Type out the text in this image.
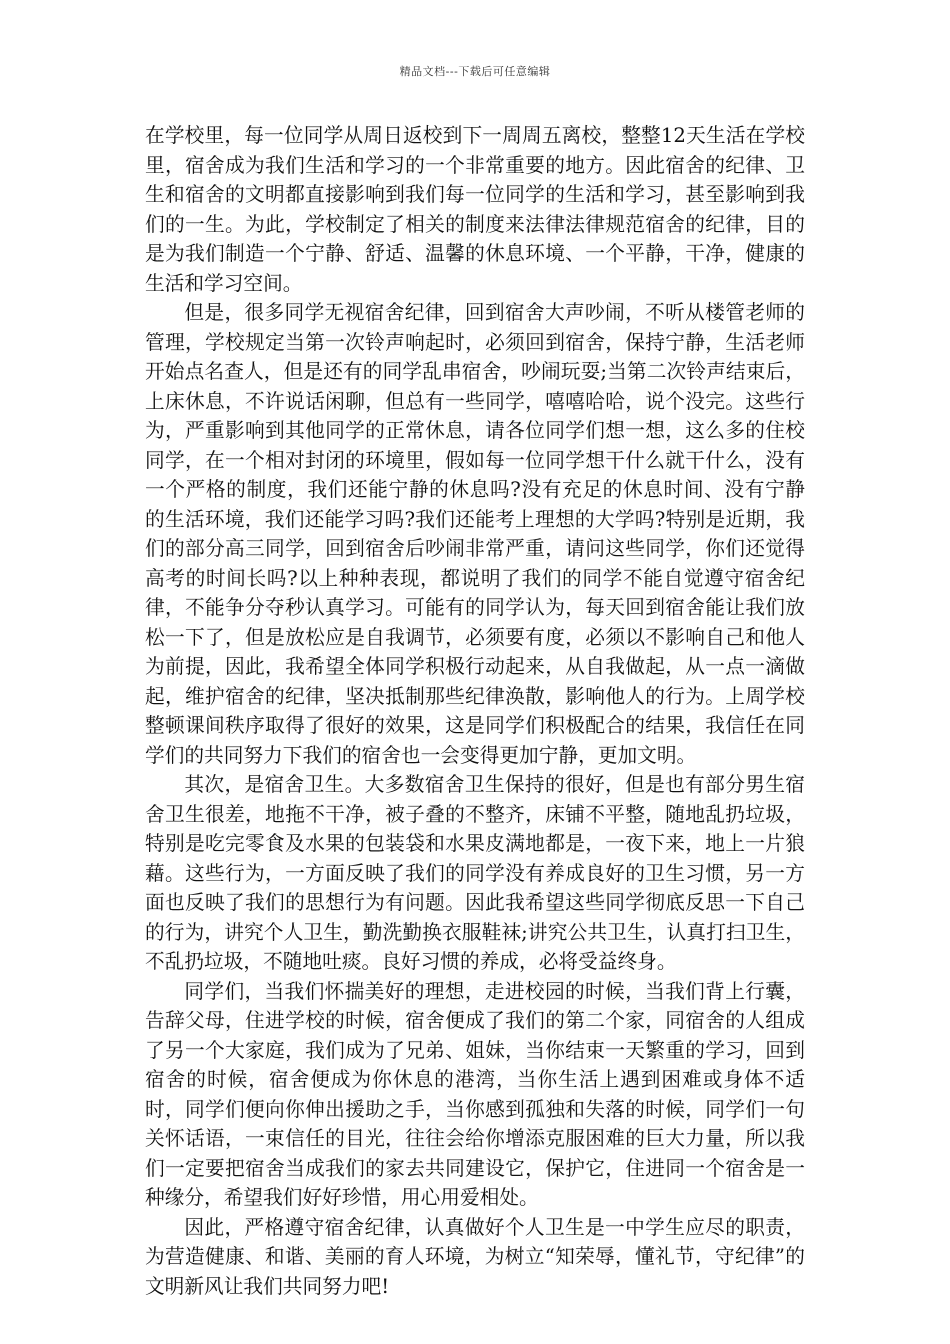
精品文档---下载后可任意编辑

在学校里，每一位同学从周日返校到下一周周五离校，整整12天生活在学校里，宿舍成为我们生活和学习的一个非常重要的地方。因此宿舍的纪律、卫生和宿舍的文明都直接影响到我们每一位同学的生活和学习，甚至影响到我们的一生。为此，学校制定了相关的制度来法律法律规范宿舍的纪律，目的是为我们制造一个宁静、舒适、温馨的休息环境、一个平静，干净，健康的生活和学习空间。

但是，很多同学无视宿舍纪律，回到宿舍大声吵闹，不听从楼管老师的管理，学校规定当第一次铃声响起时，必须回到宿舍，保持宁静，生活老师开始点名查人，但是还有的同学乱串宿舍，吵闹玩耍;当第二次铃声结束后，上床休息，不许说话闲聊，但总有一些同学，嘻嘻哈哈，说个没完。这些行为，严重影响到其他同学的正常休息，请各位同学们想一想，这么多的住校同学，在一个相对封闭的环境里，假如每一位同学想干什么就干什么，没有一个严格的制度，我们还能宁静的休息吗?没有充足的休息时间、没有宁静的生活环境，我们还能学习吗?我们还能考上理想的大学吗?特别是近期，我们的部分高三同学，回到宿舍后吵闹非常严重，请问这些同学，你们还觉得高考的时间长吗?以上种种表现，都说明了我们的同学不能自觉遵守宿舍纪律，不能争分夺秒认真学习。可能有的同学认为，每天回到宿舍能让我们放松一下了，但是放松应是自我调节，必须要有度，必须以不影响自己和他人为前提，因此，我希望全体同学积极行动起来，从自我做起，从一点一滴做起，维护宿舍的纪律，坚决抵制那些纪律涣散，影响他人的行为。上周学校整顿课间秩序取得了很好的效果，这是同学们积极配合的结果，我信任在同学们的共同努力下我们的宿舍也一会变得更加宁静，更加文明。

其次，是宿舍卫生。大多数宿舍卫生保持的很好，但是也有部分男生宿舍卫生很差，地拖不干净，被子叠的不整齐，床铺不平整，随地乱扔垃圾，特别是吃完零食及水果的包装袋和水果皮满地都是，一夜下来，地上一片狼藉。这些行为，一方面反映了我们的同学没有养成良好的卫生习惯，另一方面也反映了我们的思想行为有问题。因此我希望这些同学彻底反思一下自己的行为，讲究个人卫生，勤洗勤换衣服鞋袜;讲究公共卫生，认真打扫卫生，不乱扔垃圾，不随地吐痰。良好习惯的养成，必将受益终身。

同学们，当我们怀揣美好的理想，走进校园的时候，当我们背上行囊，告辞父母，住进学校的时候，宿舍便成了我们的第二个家，同宿舍的人组成了另一个大家庭，我们成为了兄弟、姐妹，当你结束一天繁重的学习，回到宿舍的时候，宿舍便成为你休息的港湾，当你生活上遇到困难或身体不适时，同学们便向你伸出援助之手，当你感到孤独和失落的时候，同学们一句关怀话语，一束信任的目光，往往会给你增添克服困难的巨大力量，所以我们一定要把宿舍当成我们的家去共同建设它，保护它，住进同一个宿舍是一种缘分，希望我们好好珍惜，用心用爱相处。

因此，严格遵守宿舍纪律，认真做好个人卫生是一中学生应尽的职责，为营造健康、和谐、美丽的育人环境，为树立“知荣辱，懂礼节，守纪律”的文明新风让我们共同努力吧!
